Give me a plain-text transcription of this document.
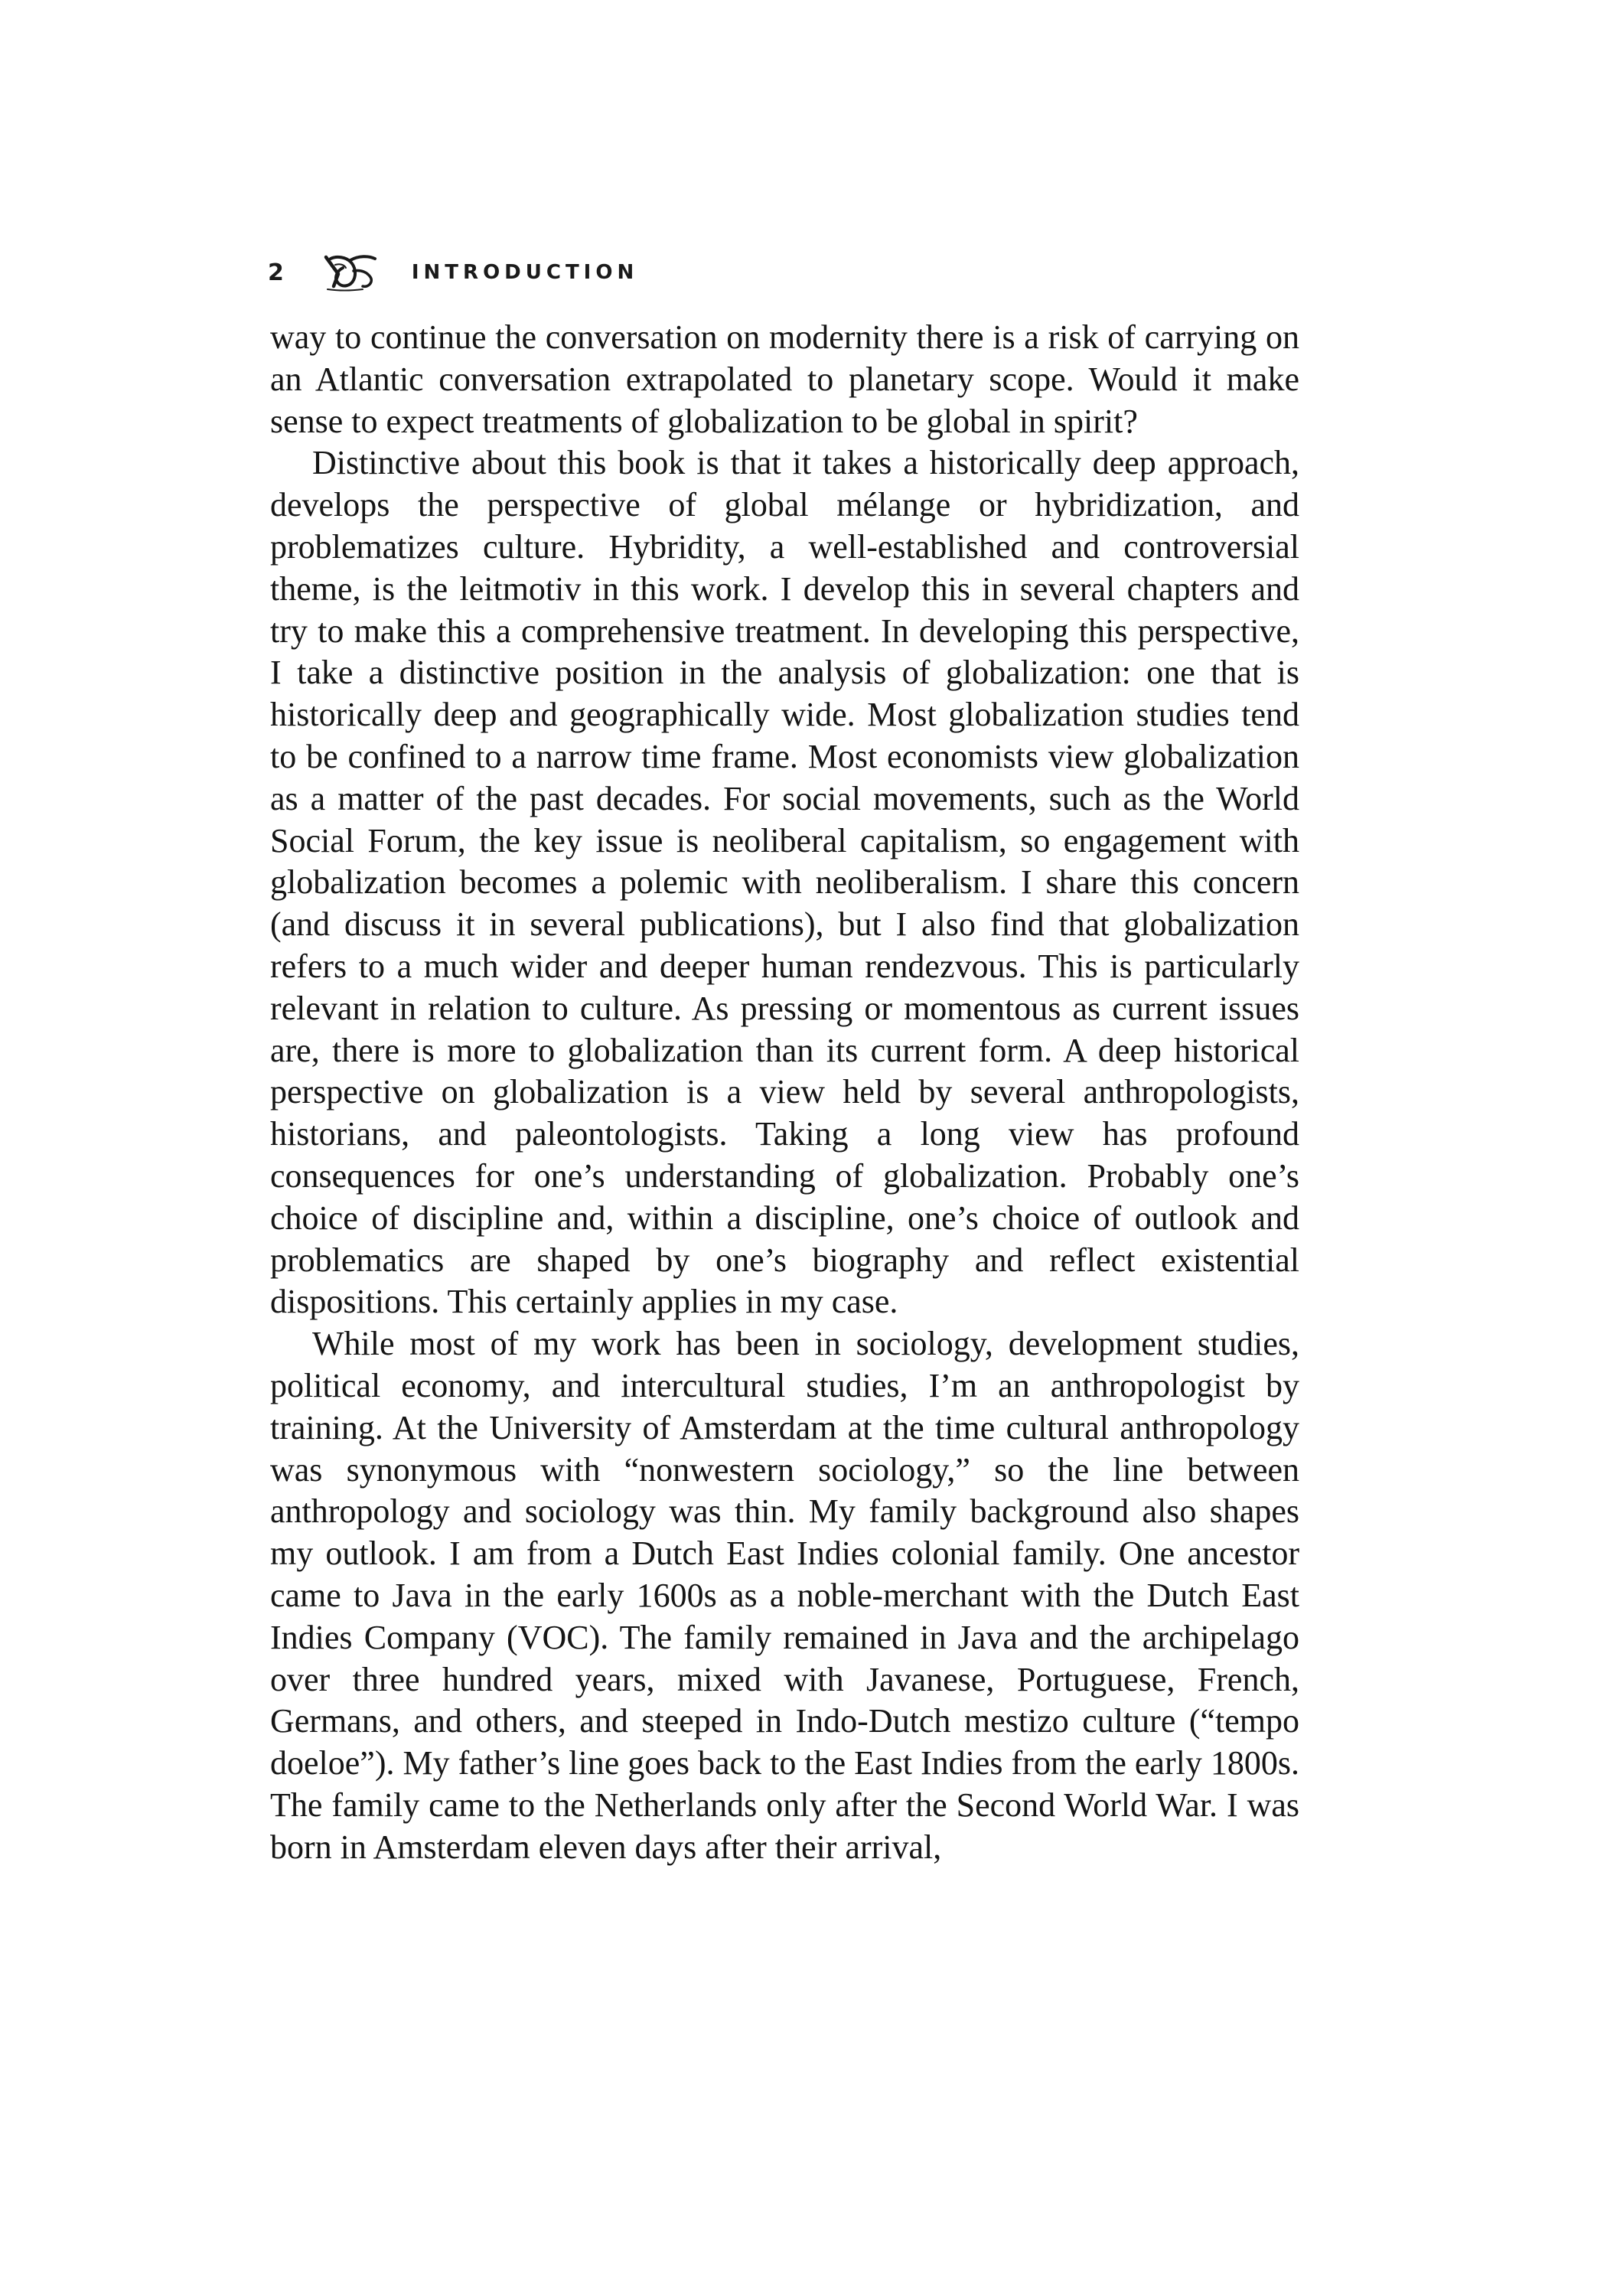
2	INTRODUCTION

way to continue the conversation on modernity there is a risk of carrying on an Atlantic conversation extrapolated to planetary scope. Would it make sense to expect treatments of globalization to be global in spirit?

Distinctive about this book is that it takes a historically deep approach, develops the perspective of global mélange or hybridization, and problematizes culture. Hybridity, a well-established and controversial theme, is the leitmotiv in this work. I develop this in several chapters and try to make this a comprehensive treatment. In developing this perspective, I take a distinctive position in the analysis of globalization: one that is historically deep and geographically wide. Most globalization studies tend to be confined to a narrow time frame. Most economists view globalization as a matter of the past decades. For social movements, such as the World Social Forum, the key issue is neoliberal capitalism, so engagement with globalization becomes a polemic with neoliberalism. I share this concern (and discuss it in several publications), but I also find that globalization refers to a much wider and deeper human rendezvous. This is particularly relevant in relation to culture. As pressing or momentous as current issues are, there is more to globalization than its current form. A deep historical perspective on globalization is a view held by several anthropologists, historians, and paleontologists. Taking a long view has profound consequences for one’s understanding of globalization. Probably one’s choice of discipline and, within a discipline, one’s choice of outlook and problematics are shaped by one’s biography and reflect existential dispositions. This certainly applies in my case.

While most of my work has been in sociology, development studies, political economy, and intercultural studies, I’m an anthropologist by training. At the University of Amsterdam at the time cultural anthropology was synonymous with “nonwestern sociology,” so the line between anthropology and sociology was thin. My family background also shapes my outlook. I am from a Dutch East Indies colonial family. One ancestor came to Java in the early 1600s as a noble-merchant with the Dutch East Indies Company (VOC). The family remained in Java and the archipelago over three hundred years, mixed with Javanese, Portuguese, French, Germans, and others, and steeped in Indo-Dutch mestizo culture (“tempo doeloe”). My father’s line goes back to the East Indies from the early 1800s. The family came to the Netherlands only after the Second World War. I was born in Amsterdam eleven days after their arrival,
